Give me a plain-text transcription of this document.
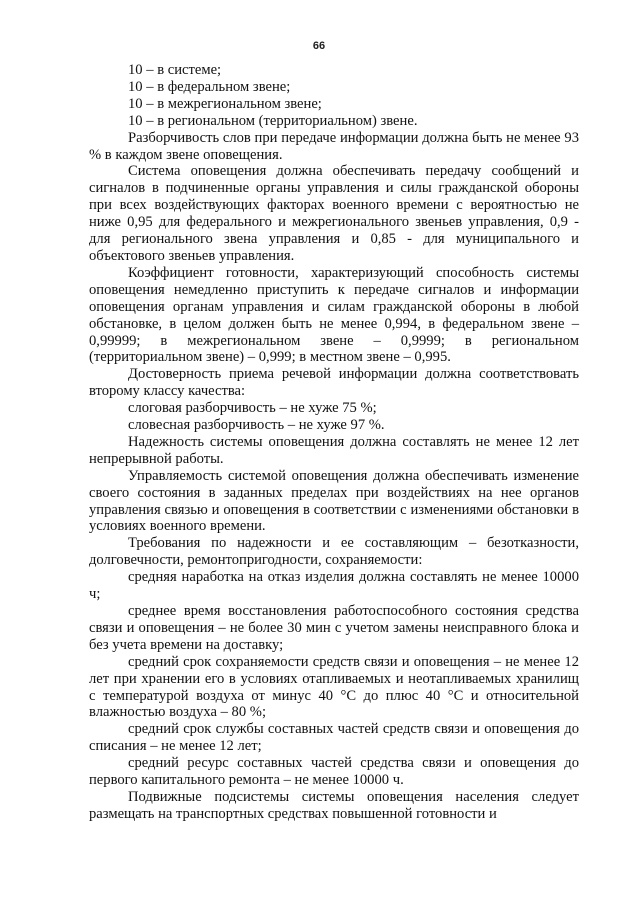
66

10 – в системе;

10 – в федеральном звене;

10 – в межрегиональном звене;

10 – в региональном (территориальном) звене.

Разборчивость слов при передаче информации должна быть не менее 93 % в каждом звене оповещения.

Система оповещения должна обеспечивать передачу сообщений и сигналов в подчиненные органы управления и силы гражданской обороны при всех воздействующих факторах военного времени с вероятностью не ниже 0,95 для федерального и межрегионального звеньев управления, 0,9 - для регионального звена управления и 0,85 - для муниципального и объектового звеньев управления.

Коэффициент готовности, характеризующий способность системы оповещения немедленно приступить к передаче сигналов и информации оповещения органам управления и силам гражданской обороны в любой обстановке, в целом должен быть не менее 0,994, в федеральном звене – 0,99999; в межрегиональном звене – 0,9999; в региональном (территориальном звене) – 0,999; в местном звене – 0,995.

Достоверность приема речевой информации должна соответствовать второму классу качества:

слоговая разборчивость – не хуже 75 %;

словесная разборчивость – не хуже 97 %.

Надежность системы оповещения должна составлять не менее 12 лет непрерывной работы.

Управляемость системой оповещения должна обеспечивать изменение своего состояния в заданных пределах при воздействиях на нее органов управления связью и оповещения в соответствии с изменениями обстановки в условиях военного времени.

Требования по надежности и ее составляющим – безотказности, долговечности, ремонтопригодности, сохраняемости:

средняя наработка на отказ изделия должна составлять не менее 10000 ч;

среднее время восстановления работоспособного состояния средства связи и оповещения – не более 30 мин с учетом замены неисправного блока и без учета времени на доставку;

средний срок сохраняемости средств связи и оповещения – не менее 12 лет при хранении его в условиях отапливаемых и неотапливаемых хранилищ с температурой воздуха от минус 40 °С до плюс 40 °С и относительной влажностью воздуха – 80 %;

средний срок службы составных частей средств связи и оповещения до списания – не менее 12 лет;

средний ресурс составных частей средства связи и оповещения до первого капитального ремонта – не менее 10000 ч.

Подвижные подсистемы системы оповещения населения следует размещать на транспортных средствах повышенной готовности и
